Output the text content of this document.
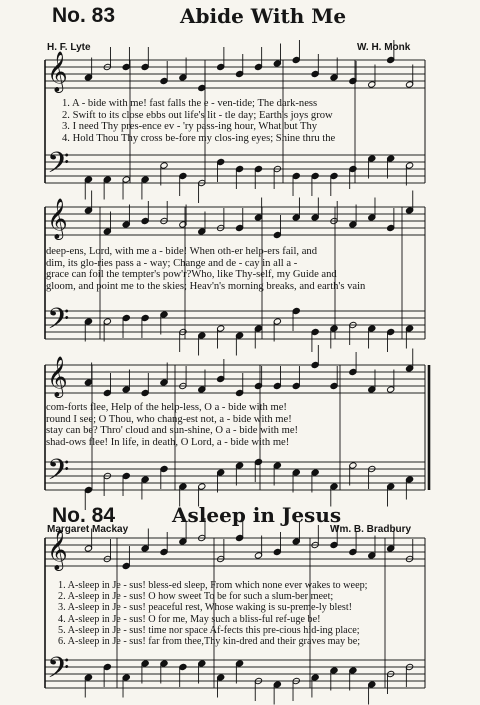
𝄞
𝄢
𝄞
𝄢
𝄞
𝄢
𝄞
𝄢
No. 83	Abide With Me
H. F. Lyte	W. H. Monk
1. A - bide with me! fast falls the e - ven-tide; The dark-ness
2. Swift to its close ebbs out life's lit - tle day; Earth's joys grow
3. I need Thy pres-ence ev - 'ry pass-ing hour, What but Thy
4. Hold Thou Thy cross be-fore my clos-ing eyes; Shine thru the
deep-ens, Lord, with me a - bide! When oth-er help-ers fail, and
dim, its glo-ries pass a - way; Change and de - cay in all a -
grace can foil the tempter's pow'r?Who, like Thy-self, my Guide and
gloom, and point me to the skies; Heav'n's morning breaks, and earth's vain
com-forts flee, Help of the help-less, O a - bide with me!
round I see; O Thou, who chang-est not, a - bide with me!
stay can be? Thro' cloud and sun-shine, O a - bide with me!
shad-ows flee! In life, in death, O Lord, a - bide with me!
No. 84	Asleep in Jesus
Margaret Mackay	Wm. B. Bradbury
1. A-sleep in Je - sus! bless-ed sleep, From which none ever wakes to weep;
2. A-sleep in Je - sus! O how sweet To be for such a slum-ber meet;
3. A-sleep in Je - sus! peaceful rest, Whose waking is su-preme-ly blest!
4. A-sleep in Je - sus! O for me, May such a bliss-ful ref-uge be!
5. A-sleep in Je - sus! time nor space Af-fects this pre-cious hid-ing place;
6. A-sleep in Je - sus! far from thee,Thy kin-dred and their graves may be;
